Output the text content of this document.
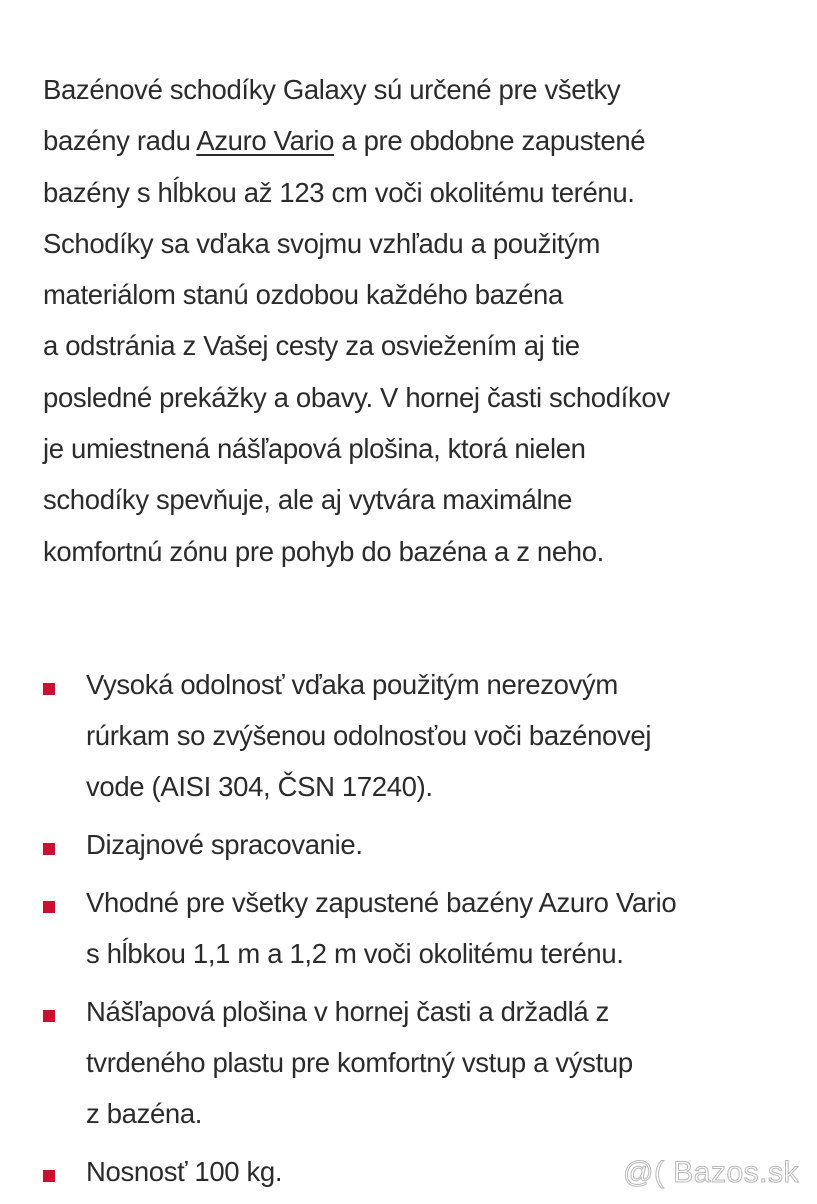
Bazénové schodíky Galaxy sú určené pre všetky
bazény radu Azuro Vario a pre obdobne zapustené
bazény s hĺbkou až 123 cm voči okolitému terénu.
Schodíky sa vďaka svojmu vzhľadu a použitým
materiálom stanú ozdobou každého bazéna
a odstránia z Vašej cesty za osviežením aj tie
posledné prekážky a obavy. V hornej časti schodíkov
je umiestnená nášľapová plošina, ktorá nielen
schodíky spevňuje, ale aj vytvára maximálne
komfortnú zónu pre pohyb do bazéna a z neho.

Vysoká odolnosť vďaka použitým nerezovým
rúrkam so zvýšenou odolnosťou voči bazénovej
vode (AISI 304, ČSN 17240).
Dizajnové spracovanie.
Vhodné pre všetky zapustené bazény Azuro Vario
s hĺbkou 1,1 m a 1,2 m voči okolitému terénu.
Nášľapová plošina v hornej časti a držadlá z
tvrdeného plastu pre komfortný vstup a výstup
z bazéna.
Nosnosť 100 kg.	@( Bazos.sk
